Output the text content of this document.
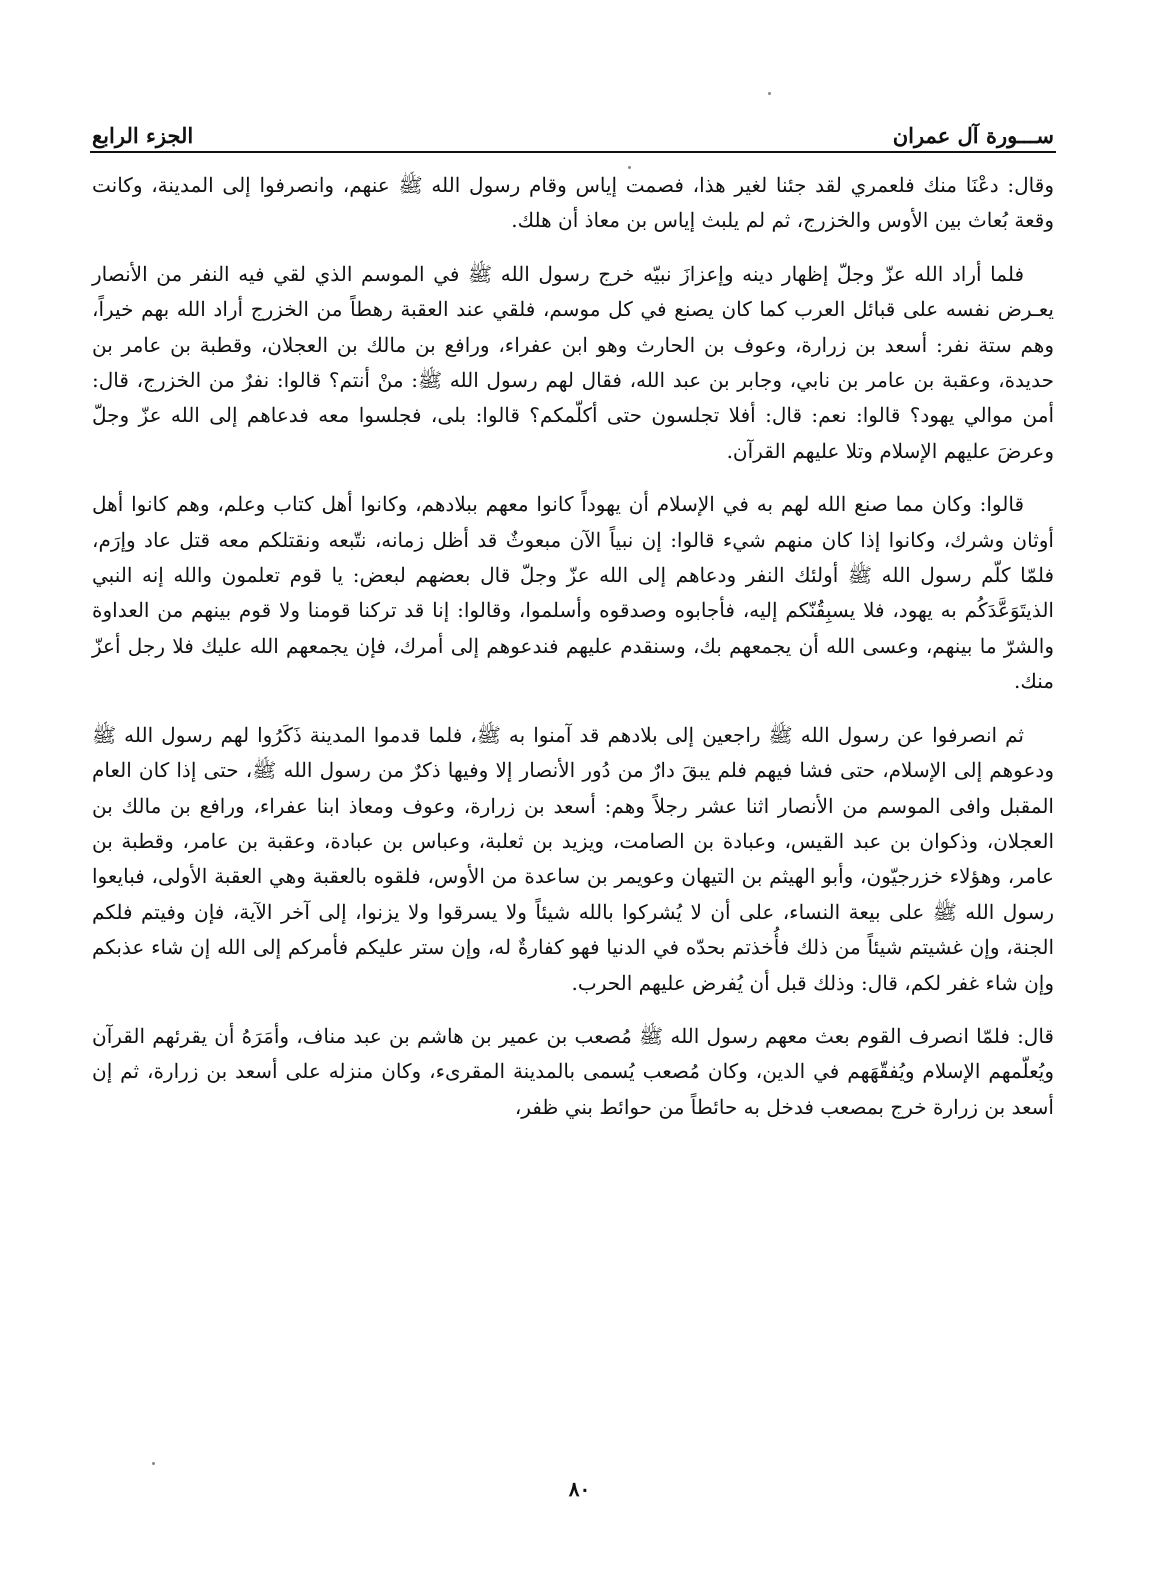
ســـورة آل عمران
الجزء الرابع

وقال: دعْنَا منك فلعمري لقد جئنا لغير هذا، فصمت إياس وقام رسول الله ﷺ عنهم، وانصرفوا إلى المدينة، وكانت وقعة بُعاث بين الأوس والخزرج، ثم لم يلبث إياس بن معاذ أن هلك.

فلما أراد الله عزّ وجلّ إظهار دينه وإعزازَ نبيّه خرج رسول الله ﷺ في الموسم الذي لقي فيه النفر من الأنصار يعـرض نفسه على قبائل العرب كما كان يصنع في كل موسم، فلقي عند العقبة رهطاً من الخزرج أراد الله بهم خيراً، وهم ستة نفر: أسعد بن زرارة، وعوف بن الحارث وهو ابن عفراء، ورافع بن مالك بن العجلان، وقطبة بن عامر بن حديدة، وعقبة بن عامر بن نابي، وجابر بن عبد الله، فقال لهم رسول الله ﷺ: منْ أنتم؟ قالوا: نفرٌ من الخزرج، قال: أمن موالي يهود؟ قالوا: نعم: قال: أفلا تجلسون حتى أكلّمكم؟ قالوا: بلى، فجلسوا معه فدعاهم إلى الله عزّ وجلّ وعرضَ عليهم الإسلام وتلا عليهم القرآن.

قالوا: وكان مما صنع الله لهم به في الإسلام أن يهوداً كانوا معهم ببلادهم، وكانوا أهل كتاب وعلم، وهم كانوا أهل أوثان وشرك، وكانوا إذا كان منهم شيء قالوا: إن نبياً الآن مبعوثٌ قد أظل زمانه، نتّبعه ونقتلكم معه قتل عاد وإرَم، فلمّا كلّم رسول الله ﷺ أولئك النفر ودعاهم إلى الله عزّ وجلّ قال بعضهم لبعض: يا قوم تعلمون والله إنه النبي الذيتَوَعَّدَكُم به يهود، فلا يسبِقُنّكم إليه، فأجابوه وصدقوه وأسلموا، وقالوا: إنا قد تركنا قومنا ولا قوم بينهم من العداوة والشرّ ما بينهم، وعسى الله أن يجمعهم بك، وسنقدم عليهم فندعوهم إلى أمرك، فإن يجمعهم الله عليك فلا رجل أعزّ منك.

ثم انصرفوا عن رسول الله ﷺ راجعين إلى بلادهم قد آمنوا به ﷺ، فلما قدموا المدينة ذَكَرُوا لهم رسول الله ﷺ ودعوهم إلى الإسلام، حتى فشا فيهم فلم يبقَ دارٌ من دُور الأنصار إلا وفيها ذكرٌ من رسول الله ﷺ، حتى إذا كان العام المقبل وافى الموسم من الأنصار اثنا عشر رجلاً وهم: أسعد بن زرارة، وعوف ومعاذ ابنا عفراء، ورافع بن مالك بن العجلان، وذكوان بن عبد القيس، وعبادة بن الصامت، ويزيد بن ثعلبة، وعباس بن عبادة، وعقبة بن عامر، وقطبة بن عامر، وهؤلاء خزرجيّون، وأبو الهيثم بن التيهان وعويمر بن ساعدة من الأوس، فلقوه بالعقبة وهي العقبة الأولى، فبايعوا رسول الله ﷺ على بيعة النساء، على أن لا يُشركوا بالله شيئاً ولا يسرقوا ولا يزنوا، إلى آخر الآية، فإن وفيتم فلكم الجنة، وإن غشيتم شيئاً من ذلك فأُخذتم بحدّه في الدنيا فهو كفارةٌ له، وإن ستر عليكم فأمركم إلى الله إن شاء عذبكم وإن شاء غفر لكم، قال: وذلك قبل أن يُفرض عليهم الحرب.

قال: فلمّا انصرف القوم بعث معهم رسول الله ﷺ مُصعب بن عمير بن هاشم بن عبد مناف، وأمَرَهُ أن يقرئهم القرآن ويُعلّمهم الإسلام ويُفقّهَهم في الدين، وكان مُصعب يُسمى بالمدينة المقرىء، وكان منزله على أسعد بن زرارة، ثم إن أسعد بن زرارة خرج بمصعب فدخل به حائطاً من حوائط بني ظفر،

٨٠
